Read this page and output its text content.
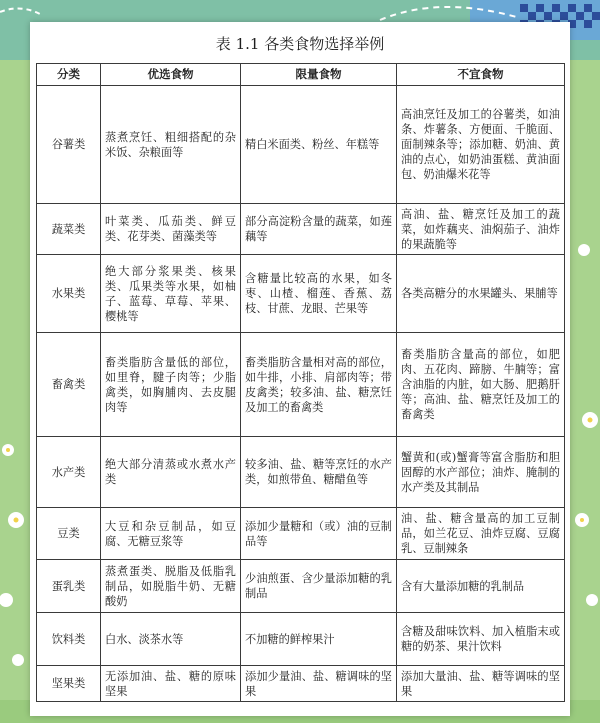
表 1.1 各类食物选择举例
分类	优选食物	限量食物	不宜食物
谷薯类	蒸煮烹饪、粗细搭配的杂米饭、杂粮面等	精白米面类、粉丝、年糕等	高油烹饪及加工的谷薯类，如油条、炸薯条、方便面、千脆面、面制辣条等；添加糖、奶油、黄油的点心，如奶油蛋糕、黄油面包、奶油爆米花等
蔬菜类	叶菜类、瓜茄类、鲜豆类、花芽类、菌藻类等	部分高淀粉含量的蔬菜，如莲藕等	高油、盐、糖烹饪及加工的蔬菜，如炸藕夹、油焖茄子、油炸的果蔬脆等
水果类	绝大部分浆果类、核果类、瓜果类等水果，如柚子、蓝莓、草莓、苹果、樱桃等	含糖量比较高的水果，如冬枣、山楂、榴莲、香蕉、荔枝、甘蔗、龙眼、芒果等	各类高糖分的水果罐头、果脯等
畜禽类	畜类脂肪含量低的部位，如里脊，腱子肉等；少脂禽类，如胸脯肉、去皮腿肉等	畜类脂肪含量相对高的部位，如牛排，小排、肩部肉等；带皮禽类；较多油、盐、糖烹饪及加工的畜禽类	畜类脂肪含量高的部位，如肥肉、五花肉、蹄膀、牛腩等；富含油脂的内脏，如大肠、肥鹅肝等；高油、盐、糖烹饪及加工的畜禽类
水产类	绝大部分清蒸或水煮水产类	较多油、盐、糖等烹饪的水产类，如煎带鱼、糖醋鱼等	蟹黄和(或)蟹膏等富含脂肪和胆固醇的水产部位；油炸、腌制的水产类及其制品
豆类	大豆和杂豆制品，如豆腐、无糖豆浆等	添加少量糖和（或）油的豆制品等	油、盐、糖含量高的加工豆制品，如兰花豆、油炸豆腐、豆腐乳、豆制辣条
蛋乳类	蒸煮蛋类、脱脂及低脂乳制品，如脱脂牛奶、无糖酸奶	少油煎蛋、含少量添加糖的乳制品	含有大量添加糖的乳制品
饮料类	白水、淡茶水等	不加糖的鲜榨果汁	含糖及甜味饮料、加入植脂末或糖的奶茶、果汁饮料
坚果类	无添加油、盐、糖的原味坚果	添加少量油、盐、糖调味的坚果	添加大量油、盐、糖等调味的坚果
